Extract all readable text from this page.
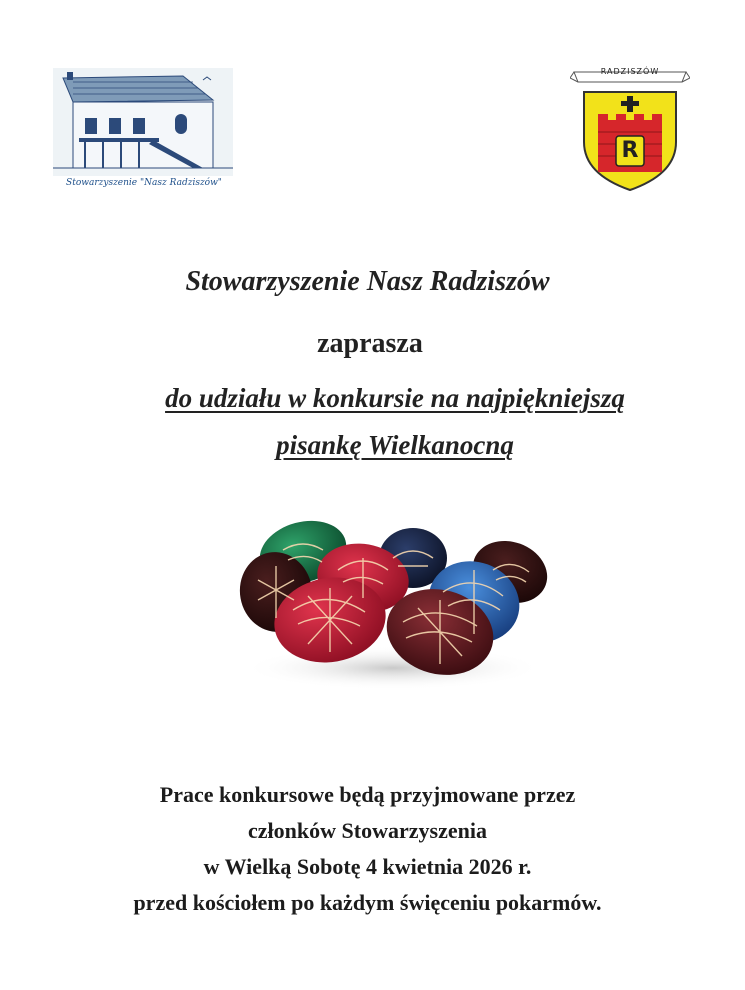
Stowarzyszenie "Nasz Radziszów"
RADZISZÓW
R
Stowarzyszenie Nasz Radziszów
zaprasza
do udziału w konkursie na najpiękniejszą
pisankę Wielkanocną
Prace konkursowe będą przyjmowane przez
członków Stowarzyszenia
w Wielką Sobotę 4 kwietnia 2026 r.
przed kościołem po każdym święceniu pokarmów.
